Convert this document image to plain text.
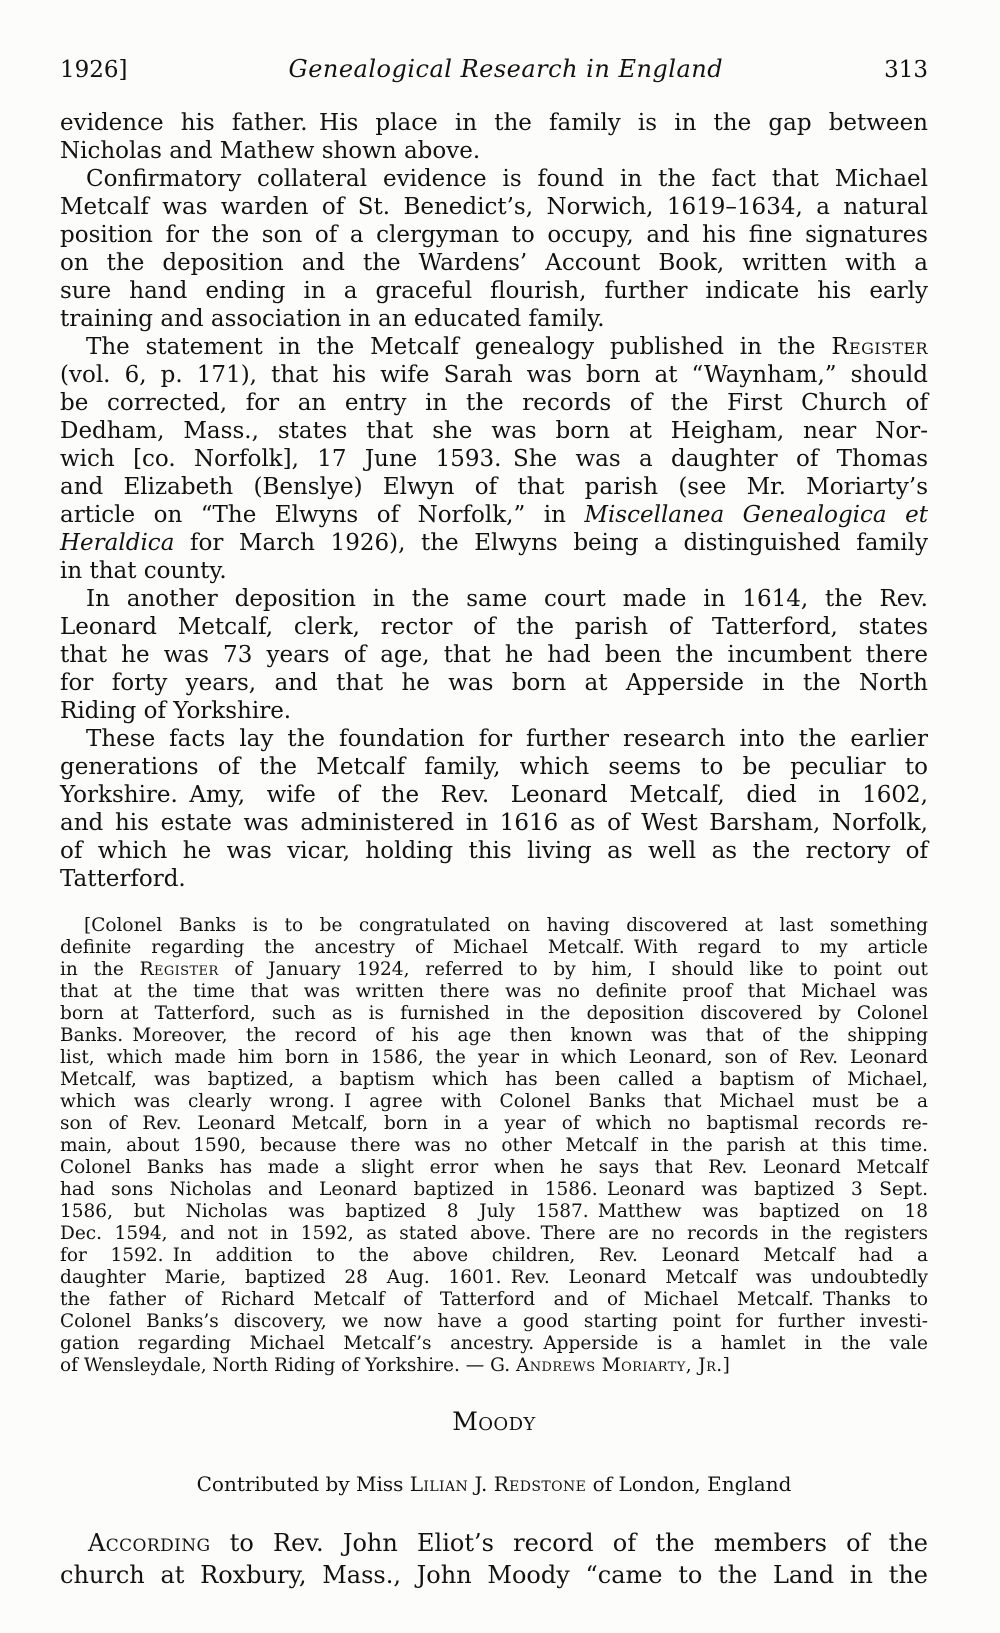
1926]	Genealogical Research in England	313
evidence his father. His place in the family is in the gap between
Nicholas and Mathew shown above.
Confirmatory collateral evidence is found in the fact that Michael
Metcalf was warden of St. Benedict’s, Norwich, 1619–1634, a natural
position for the son of a clergyman to occupy, and his fine signatures
on the deposition and the Wardens’ Account Book, written with a
sure hand ending in a graceful flourish, further indicate his early
training and association in an educated family.
The statement in the Metcalf genealogy published in the Register
(vol. 6, p. 171), that his wife Sarah was born at “Waynham,” should
be corrected, for an entry in the records of the First Church of
Dedham, Mass., states that she was born at Heigham, near Nor-
wich [co. Norfolk], 17 June 1593. She was a daughter of Thomas
and Elizabeth (Benslye) Elwyn of that parish (see Mr. Moriarty’s
article on “The Elwyns of Norfolk,” in Miscellanea Genealogica et
Heraldica for March 1926), the Elwyns being a distinguished family
in that county.
In another deposition in the same court made in 1614, the Rev.
Leonard Metcalf, clerk, rector of the parish of Tatterford, states
that he was 73 years of age, that he had been the incumbent there
for forty years, and that he was born at Apperside in the North
Riding of Yorkshire.
These facts lay the foundation for further research into the earlier
generations of the Metcalf family, which seems to be peculiar to
Yorkshire. Amy, wife of the Rev. Leonard Metcalf, died in 1602,
and his estate was administered in 1616 as of West Barsham, Norfolk,
of which he was vicar, holding this living as well as the rectory of
Tatterford.
[Colonel Banks is to be congratulated on having discovered at last something
definite regarding the ancestry of Michael Metcalf. With regard to my article
in the Register of January 1924, referred to by him, I should like to point out
that at the time that was written there was no definite proof that Michael was
born at Tatterford, such as is furnished in the deposition discovered by Colonel
Banks. Moreover, the record of his age then known was that of the shipping
list, which made him born in 1586, the year in which Leonard, son of Rev. Leonard
Metcalf, was baptized, a baptism which has been called a baptism of Michael,
which was clearly wrong. I agree with Colonel Banks that Michael must be a
son of Rev. Leonard Metcalf, born in a year of which no baptismal records re-
main, about 1590, because there was no other Metcalf in the parish at this time.
Colonel Banks has made a slight error when he says that Rev. Leonard Metcalf
had sons Nicholas and Leonard baptized in 1586. Leonard was baptized 3 Sept.
1586, but Nicholas was baptized 8 July 1587. Matthew was baptized on 18
Dec. 1594, and not in 1592, as stated above. There are no records in the registers
for 1592. In addition to the above children, Rev. Leonard Metcalf had a
daughter Marie, baptized 28 Aug. 1601. Rev. Leonard Metcalf was undoubtedly
the father of Richard Metcalf of Tatterford and of Michael Metcalf. Thanks to
Colonel Banks’s discovery, we now have a good starting point for further investi-
gation regarding Michael Metcalf’s ancestry. Apperside is a hamlet in the vale
of Wensleydale, North Riding of Yorkshire. — G. Andrews Moriarty, Jr.]
Moody

Contributed by Miss Lilian J. Redstone of London, England

According to Rev. John Eliot’s record of the members of the
church at Roxbury, Mass., John Moody “came to the Land in the
